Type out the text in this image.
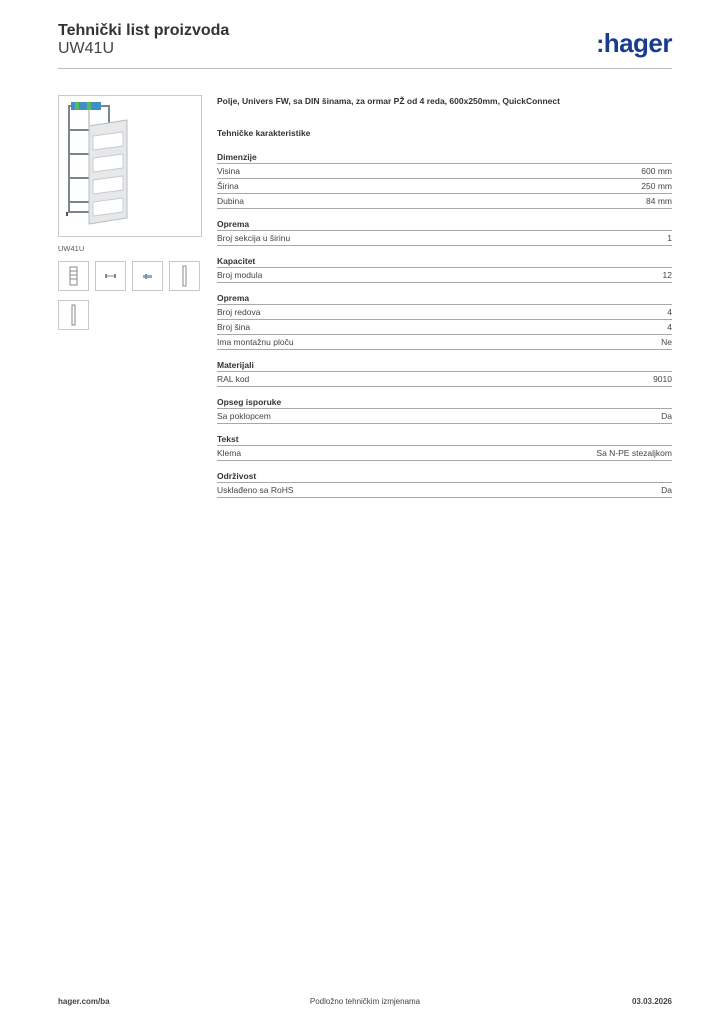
Tehnički list proizvoda
UW41U	:hager
UW41U

Polje, Univers FW, sa DIN šinama, za ormar PŽ od 4 reda, 600x250mm, QuickConnect

Tehničke karakteristike

Dimenzije
Visina	600 mm
Širina	250 mm
Dubina	84 mm
Oprema
Broj sekcija u širinu	1
Kapacitet
Broj modula	12
Oprema
Broj redova	4
Broj šina	4
Ima montažnu ploču	Ne
Materijali
RAL kod	9010
Opseg isporuke
Sa poklopcem	Da
Tekst
Klema	Sa N-PE stezaljkom
Održivost
Usklađeno sa RoHS	Da
hager.com/ba	Podložno tehničkim izmjenama	03.03.2026
